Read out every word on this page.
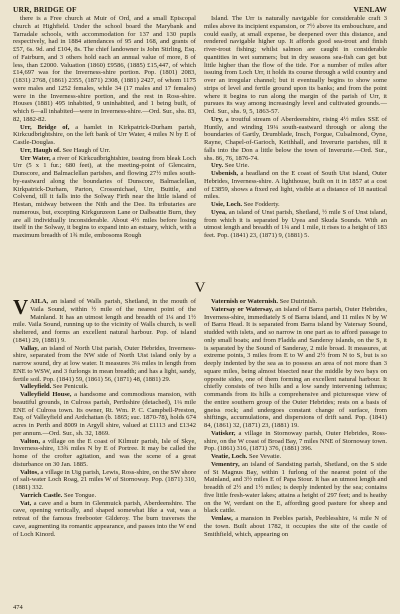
URR, BRIDGE OF	VENLAW

there is a Free church at Muir of Ord, and a small Episcopal church at Highfield. Under the school board the Marybank and Tarradale schools, with accommodation for 137 and 130 pupils respectively, had in 1884 attendances of 95 and 168, and grants of £57, 6s. 9d. and £104, 8s. The chief landowner is John Stirling, Esq. of Fairburn, and 3 others hold each an annual value of more, 8 of less, than £2000. Valuation (1860) £9586, (1885) £15,447, of which £14,697 was for the Inverness-shire portion. Pop. (1801) 2083, (1831) 2768, (1861) 2355, (1871) 2308, (1881) 2427, of whom 1175 were males and 1252 females, while 34 (17 males and 17 females) were in the Inverness-shire portion, and the rest in Ross-shire. Houses (1881) 495 inhabited, 9 uninhabited, and 1 being built, of which 6—all inhabited—were in Inverness-shire.—Ord. Sur., shs. 83, 82, 1882-82.

Urr, Bridge of, a hamlet in Kirkpatrick-Durham parish, Kirkcudbrightshire, on the left bank of Urr Water, 4 miles N by E of Castle-Douglas.

Urr, Haugh of. See Haugh of Urr.

Urr Water, a river of Kirkcudbrightshire, issuing from bleak Loch Urr (5 x 1 fur.; 680 feet), at the meeting-point of Glencairn, Dunscore, and Balmaclellan parishes, and flowing 27½ miles south-by-eastward along the boundaries of Dunscore, Balmaclellan, Kirkpatrick-Durham, Parton, Crossmichael, Urr, Buittle, and Colvend, till it falls into the Solway Firth near the little island of Hestan, midway between the Nith and the Dee. Its tributaries are numerous, but, excepting Kirkgunzeon Lane or Dalbeattie Burn, they are all individually inconsiderable. About 4½ miles before losing itself in the Solway, it begins to expand into an estuary, which, with a maximum breadth of 1¾ mile, embosoms Rough

Island. The Urr is naturally navigable for considerable craft 3 miles above its incipient expansion, or 7½ above its embouchure, and could easily, at small expense, be deepened over this distance, and rendered navigable higher up. It affords good sea-trout and finish river-trout fishing; whilst salmon are caught in considerable quantities in wet summers; but in dry seasons sea-fish can get but little higher than the flow of the tide. For a number of miles after issuing from Loch Urr, it holds its course through a wild country and over an irregular channel; but it eventually begins to show some strips of level and fertile ground upon its banks; and from the point where it begins to run along the margin of the parish of Urr, it pursues its way among increasingly level and cultivated grounds.—Ord. Sur., shs. 9, 5, 1863-57.

Ury, a troutful stream of Aberdeenshire, rising 4½ miles SSE of Huntly, and winding 19¼ south-eastward through or along the boundaries of Gartly, Drumblade, Insch, Forgue, Culsalmond, Oyne, Rayne, Chapel-of-Garioch, Keithhall, and Inverurie parishes, till it falls into the Don a little below the town of Inverurie.—Ord. Sur., shs. 86, 76, 1876-74.

Ury. See Urie.

Usbenish, a headland on the E coast of South Uist island, Outer Hebrides, Inverness-shire. A lighthouse, built on it in 1857 at a cost of £3859, shows a fixed red light, visible at a distance of 18 nautical miles.

Usie, Loch. See Fodderty.

Uyea, an island of Unst parish, Shetland, ½ mile S of Unst island, from which it is separated by Uyea and Skuda Sounds. With an utmost length and breadth of 1¼ and 1 mile, it rises to a height of 183 feet. Pop. (1841) 23, (1871) 9, (1881) 5.

V

VAILA, an island of Walls parish, Shetland, in the mouth of Vaila Sound, within ½ mile of the nearest point of the Mainland. It has an utmost length and breadth of 1¼ and 1½ mile. Vaila Sound, running up to the vicinity of Walls church, is well sheltered, and forms an excellent natural harbour. Pop. of island (1841) 29, (1881) 9.

Vallay, an island of North Uist parish, Outer Hebrides, Inverness-shire, separated from the NW side of North Uist island only by a narrow sound, dry at low water. It measures 3¼ miles in length from ENE to WSW, and 3 furlongs in mean breadth; and has a light, sandy, fertile soil. Pop. (1841) 59, (1861) 56, (1871) 48, (1881) 29.

Valleyfield. See Penicuik.

Valleyfield House, a handsome and commodious mansion, with beautiful grounds, in Culross parish, Perthshire (detached), 1¼ mile ENE of Culross town. Its owner, Rt. Wm. P. C. Campbell-Preston, Esq. of Valleyfield and Ardchattan (b. 1865; suc. 1870-78), holds 674 acres in Perth and 8009 in Argyll shire, valued at £1113 and £1342 per annum.—Ord. Sur., sh. 32, 1869.

Valton, a village on the E coast of Kilmuir parish, Isle of Skye, Inverness-shire, 13¾ miles N by E of Portree. It may be called the home of the crofter agitation, and was the scene of a great disturbance on 30 Jan. 1885.

Valtos, a village in Uig parish, Lewis, Ross-shire, on the SW shore of salt-water Loch Roag, 21 miles W of Stornoway. Pop. (1871) 310, (1881) 332.

Varrich Castle. See Tongue.

Vat, a cave and a burn in Glenmuick parish, Aberdeenshire. The cave, opening vertically, and shaped somewhat like a vat, was a retreat of the famous freebooter Gilderoy. The burn traverses the cave, augmenting its romantic appearance, and passes into the W end of Loch Kinord.

Vaternish or Waternish. See Duirinish.

Vatersay or Watersay, an island of Barra parish, Outer Hebrides, Inverness-shire, immediately S of Barra island, and 11 miles N by W of Barra Head. It is separated from Barra island by Vatersay Sound, studded with islets, and so narrow in one part as to afford passage to only small boats; and from Fladda and Sandersy islands, on the S, it is separated by the Sound of Sanderay, 2 mile broad. It measures, at extreme points, 3 miles from E to W and 2½ from N to S, but is so deeply indented by the sea as to possess an area of not more than 3 square miles, being almost bisected near the middle by two bays on opposite sides, one of them forming an excellent natural harbour. It chiefly consists of two hills and a low sandy intervening isthmus; commands from its hills a comprehensive and picturesque view of the entire southern group of the Outer Hebrides; rests on a basis of gneiss rock; and undergoes constant change of surface, from shiftings, accumulations, and dispersions of drift sand. Pop. (1841) 84, (1861) 32, (1871) 23, (1881) 19.

Vatisker, a village in Stornoway parish, Outer Hebrides, Ross-shire, on the W coast of Broad Bay, 7 miles NNE of Stornoway town. Pop. (1861) 316, (1871) 376, (1881) 396.

Veatie, Loch. See Vevatie.

Vementry, an island of Sandsting parish, Shetland, on the S side of St Magnus Bay, within 1 furlong of the nearest point of the Mainland, and 3½ miles E of Papa Stour. It has an utmost length and breadth of 2½ and 1½ miles; is deeply indented by the sea; contains five little fresh-water lakes; attains a height of 297 feet; and is heathy on the W, verdant on the E, affording good pasture for sheep and black cattle.

Venlaw, a mansion in Peebles parish, Peeblesshire, ¼ mile N of the town. Built about 1782, it occupies the site of the castle of Smithfield, which, appearing on

474
